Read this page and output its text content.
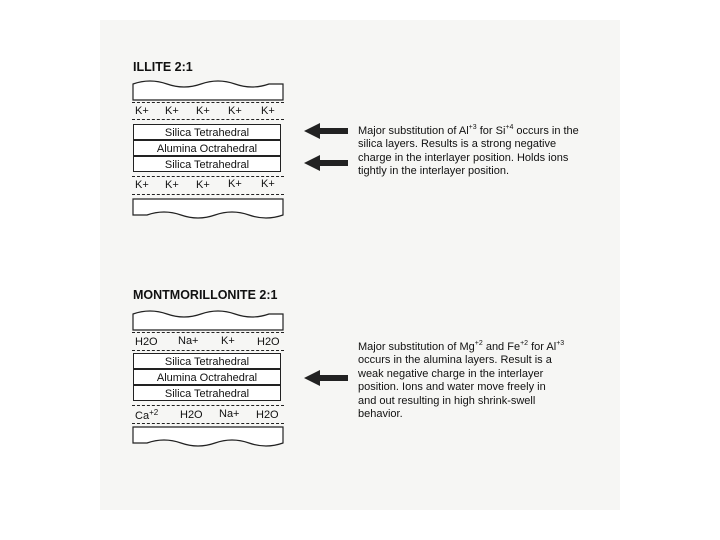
ILLITE 2:1
K+ K+ K+ K+ K+
Silica Tetrahedral
Alumina Octrahedral
Silica Tetrahedral
K+ K+ K+ K+ K+
Major substitution of $Al^{+3}$ for $Si^{+4}$ occurs in the
silica layers. Results is a strong negative
charge in the interlayer position. Holds ions
tightly in the interlayer position.
MONTMORILLONITE 2:1
H2O Na+ K+ H2O
Silica Tetrahedral
Alumina Octrahedral
Silica Tetrahedral
$Ca^{+2}$ H2O Na+ H2O
Major substitution of $Mg^{+2}$ and $Fe^{+2}$ for $Al^{+3}$
occurs in the alumina layers. Result is a
weak negative charge in the interlayer
position. Ions and water move freely in
and out resulting in high shrink-swell
behavior.
